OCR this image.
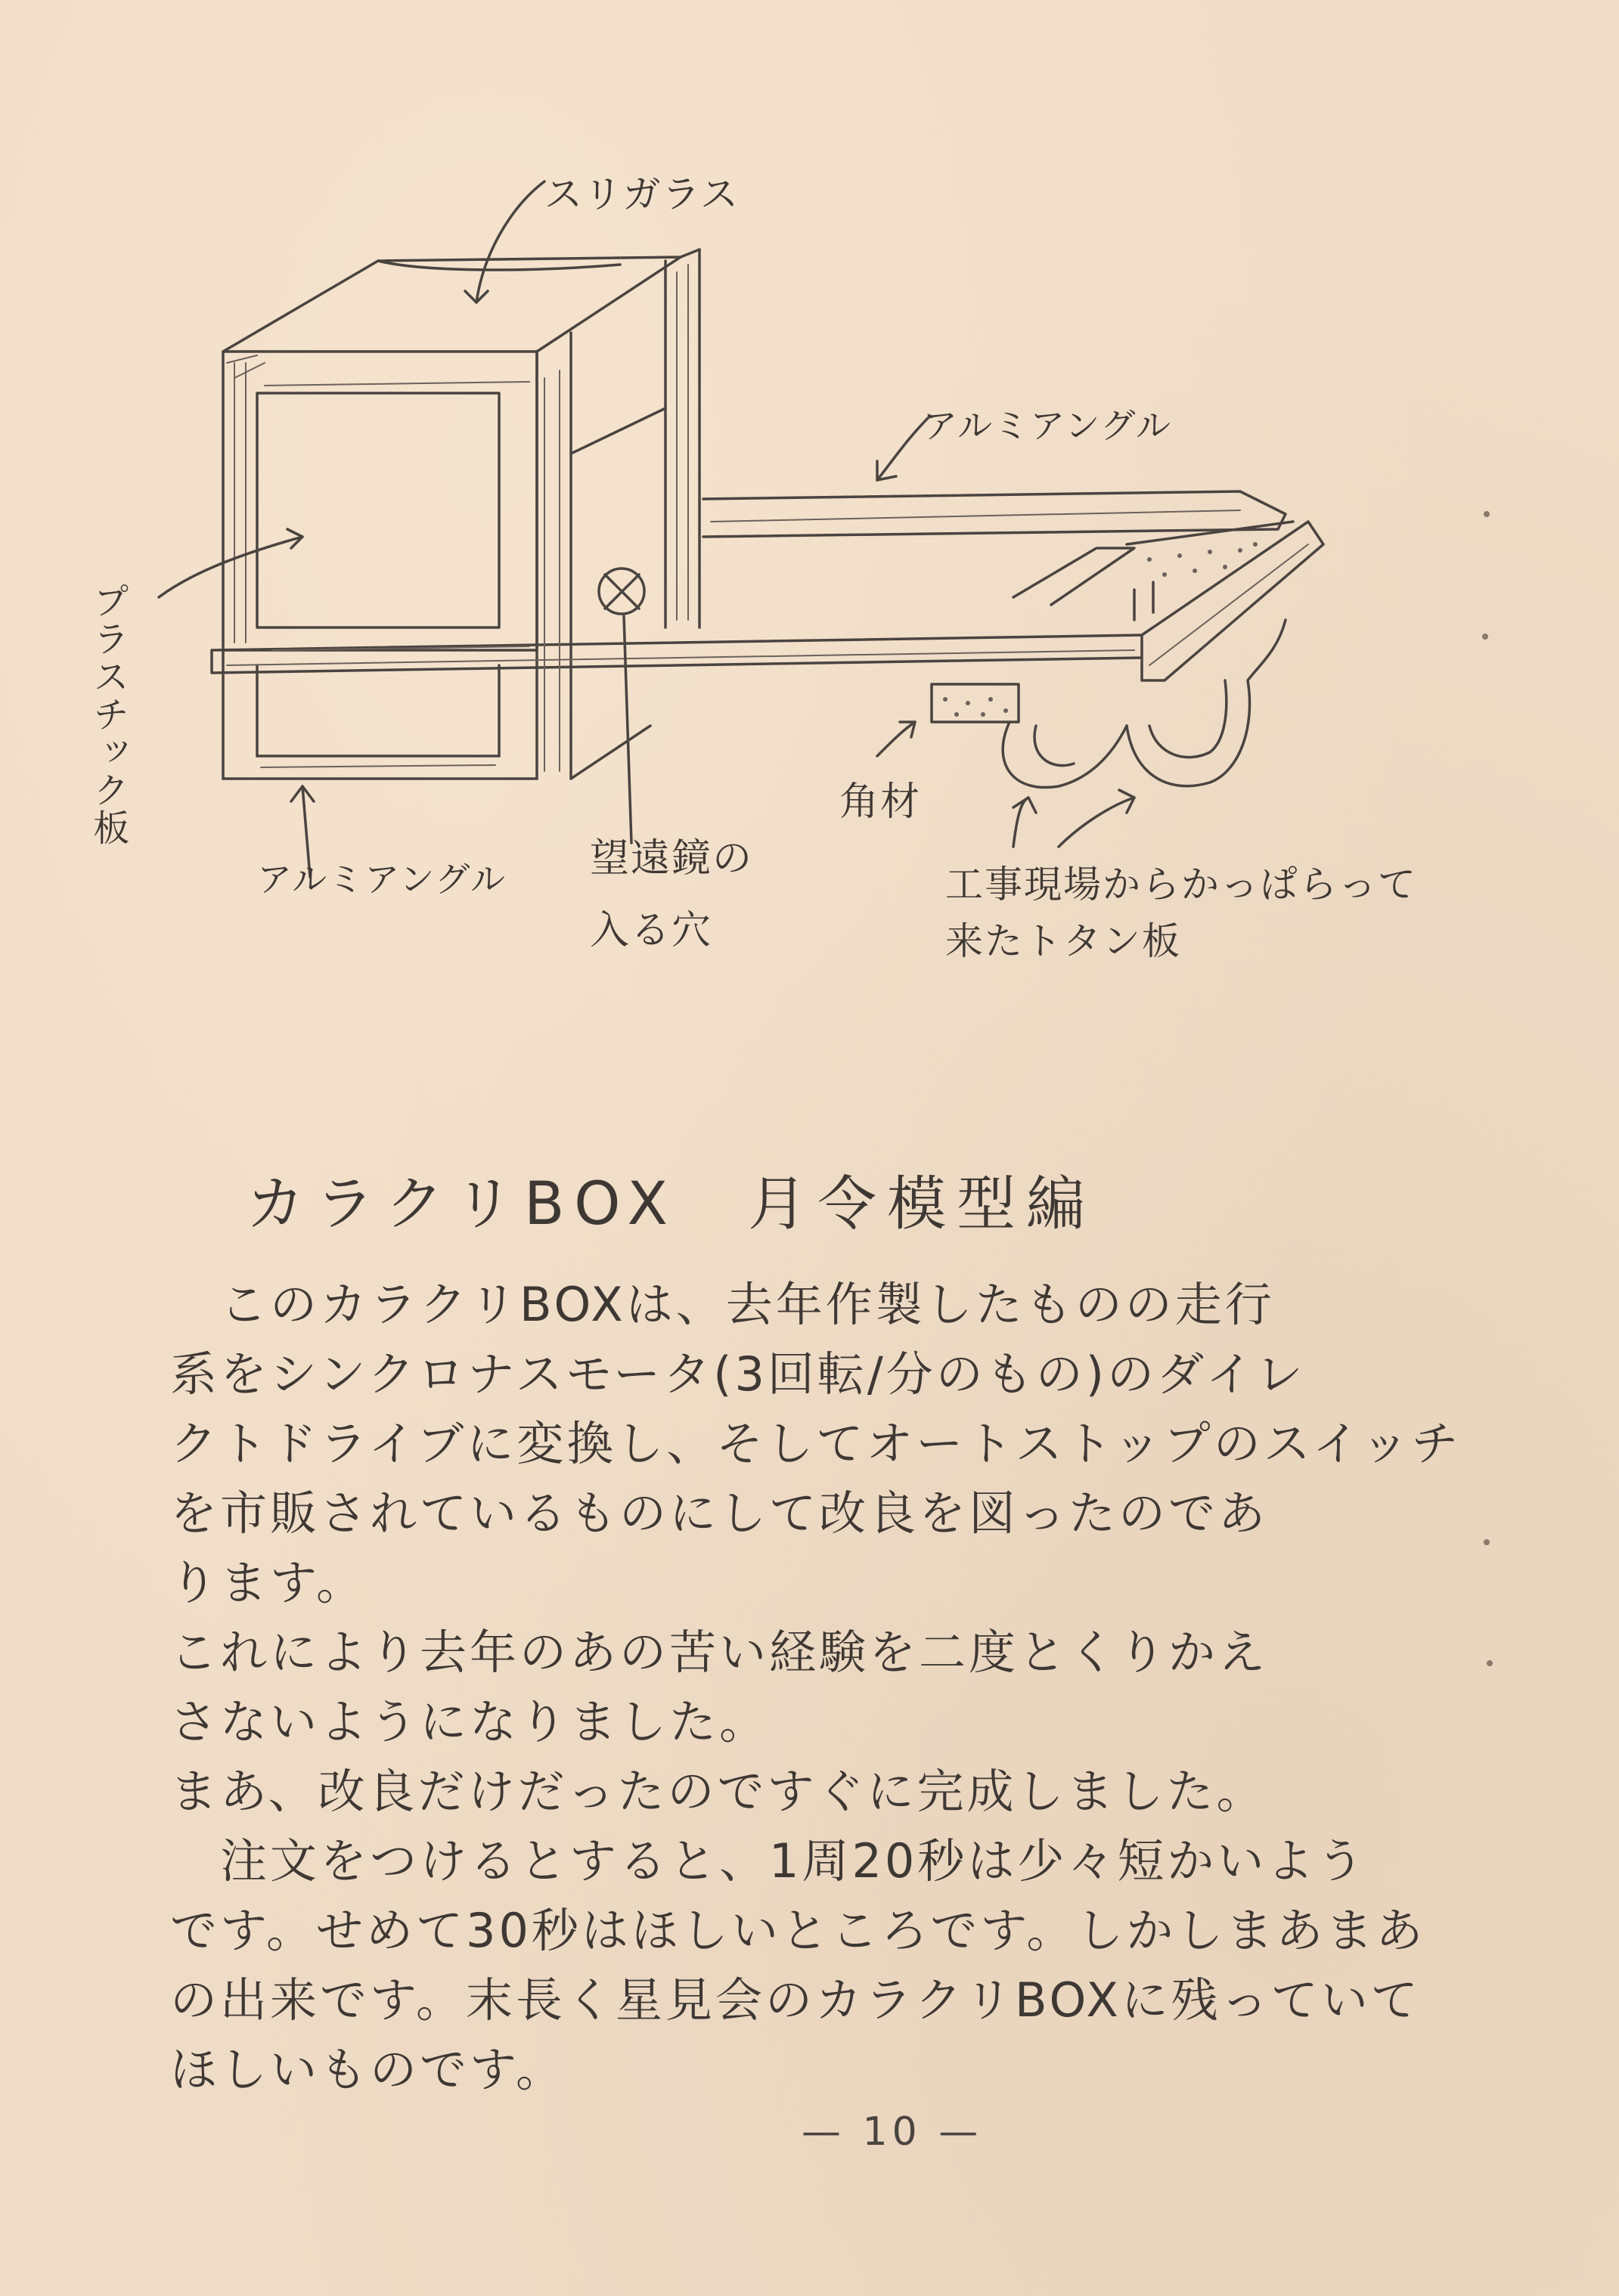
スリガラス
アルミアングル
プラスチック板
アルミアングル 望遠鏡の
入る穴
角材
工事現場からかっぱらって
来たトタン板
カラクリBOX　月令模型編

　このカラクリBOXは、去年作製したものの走行

系をシンクロナスモータ(3回転/分のもの)のダイレ

クトドライブに変換し、そしてオートストップのスイッチ

を市販されているものにして改良を図ったのであ

ります。

これにより去年のあの苦い経験を二度とくりかえ

さないようになりました。

まあ、改良だけだったのですぐに完成しました。

　注文をつけるとすると、1周20秒は少々短かいよう

です。せめて30秒はほしいところです。しかしまあまあ

の出来です。末長く星見会のカラクリBOXに残っていて

ほしいものです。

— 10 —
